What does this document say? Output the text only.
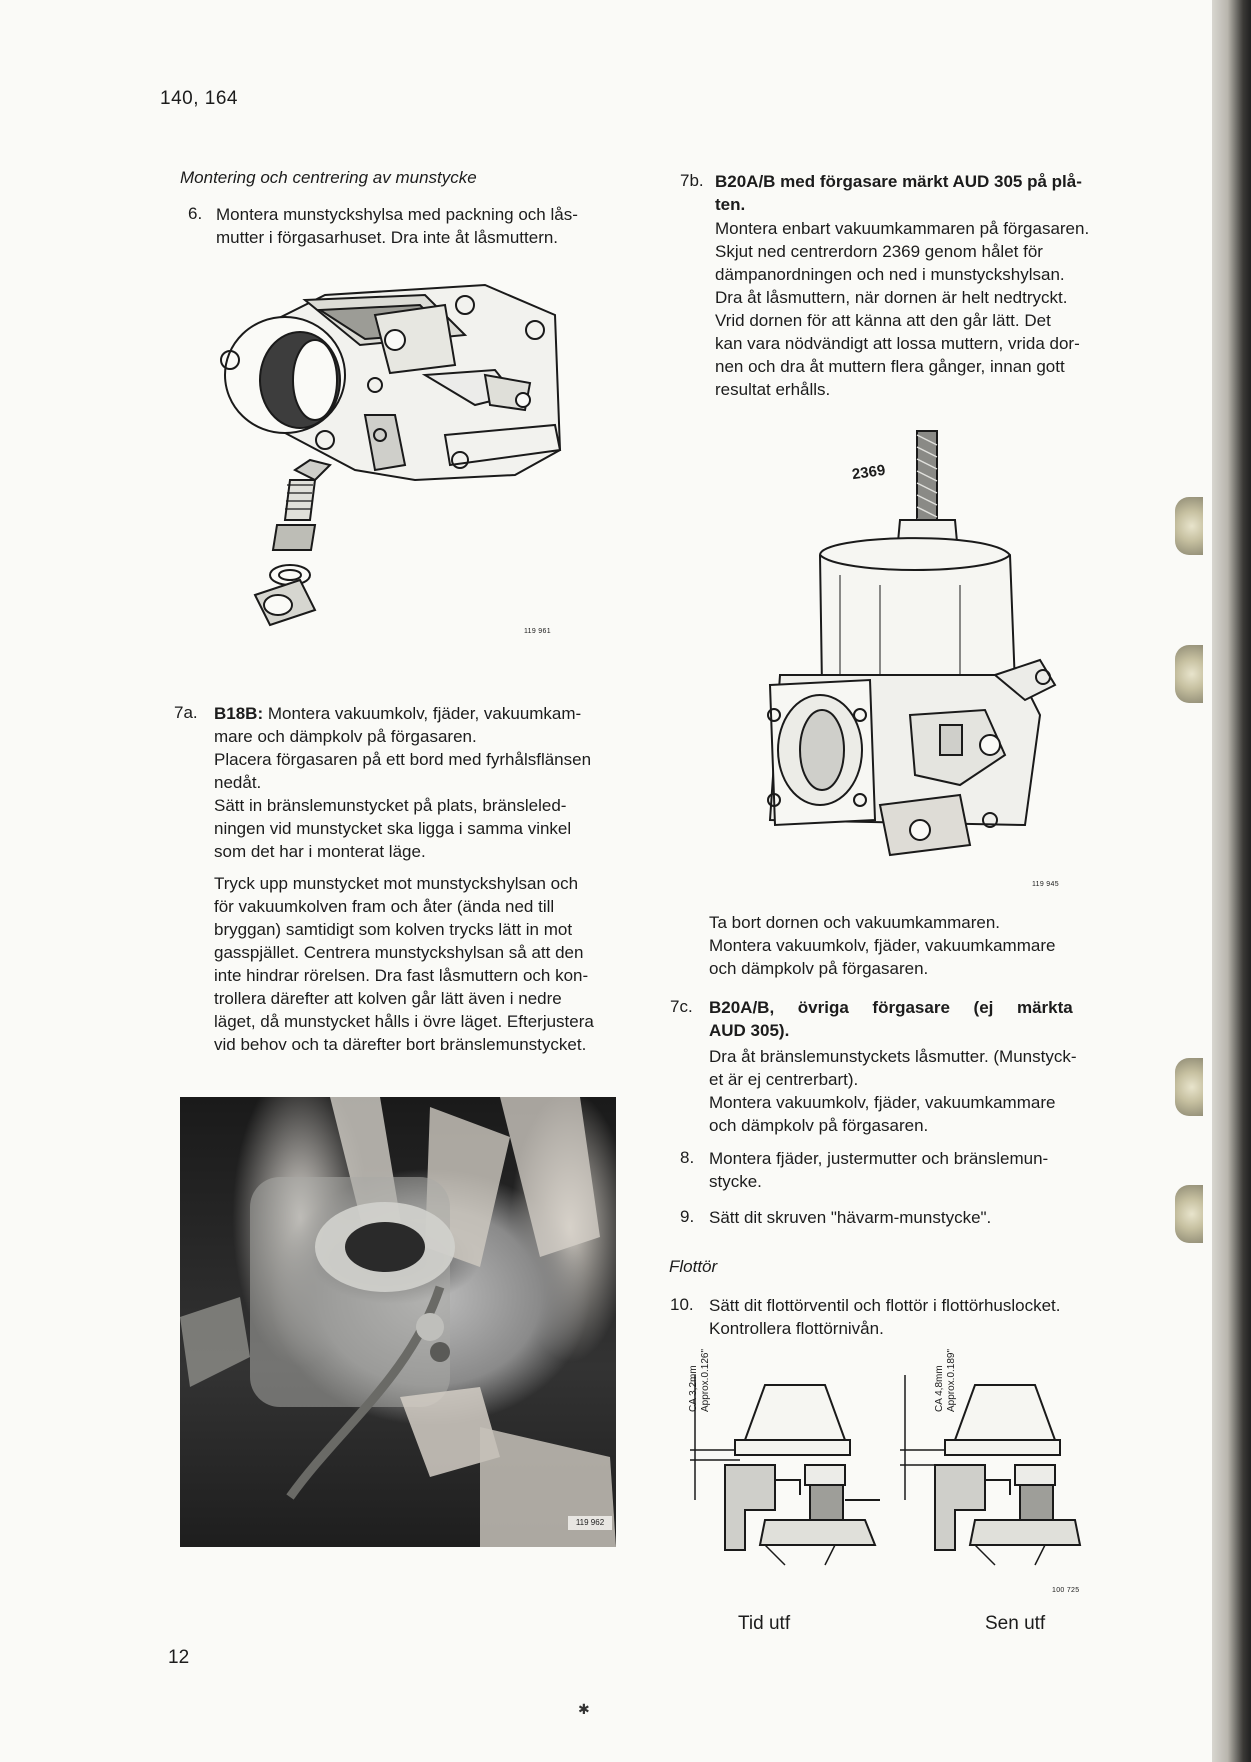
140, 164
Montering och centrering av munstycke
6. Montera munstyckshylsa med packning och lås-
mutter i förgasarhuset. Dra inte åt låsmuttern.
119 961
7a. B18B: Montera vakuumkolv, fjäder, vakuumkam-
mare och dämpkolv på förgasaren.
Placera förgasaren på ett bord med fyrhålsflänsen
nedåt.
Sätt in bränslemunstycket på plats, bränsleled-
ningen vid munstycket ska ligga i samma vinkel
som det har i monterat läge.
Tryck upp munstycket mot munstyckshylsan och
för vakuumkolven fram och åter (ända ned till
bryggan) samtidigt som kolven trycks lätt in mot
gasspjället. Centrera munstyckshylsan så att den
inte hindrar rörelsen. Dra fast låsmuttern och kon-
trollera därefter att kolven går lätt även i nedre
läget, då munstycket hålls i övre läget. Efterjustera
vid behov och ta därefter bort bränslemunstycket.
119 962
12
✱
7b. B20A/B med förgasare märkt AUD 305 på plå-
ten.
Montera enbart vakuumkammaren på förgasaren.
Skjut ned centrerdorn 2369 genom hålet för
dämpanordningen och ned i munstyckshylsan.
Dra åt låsmuttern, när dornen är helt nedtryckt.
Vrid dornen för att känna att den går lätt. Det
kan vara nödvändigt att lossa muttern, vrida dor-
nen och dra åt muttern flera gånger, innan gott
resultat erhålls.
2369
119 945
Ta bort dornen och vakuumkammaren.
Montera vakuumkolv, fjäder, vakuumkammare
och dämpkolv på förgasaren.
7c. B20A/B,     övriga     förgasare     (ej     märkta
AUD 305).
Dra åt bränslemunstyckets låsmutter. (Munstyck-
et är ej centrerbart).
Montera vakuumkolv, fjäder, vakuumkammare
och dämpkolv på förgasaren.
8. Montera fjäder, justermutter och bränslemun-
stycke.
9. Sätt dit skruven "hävarm-munstycke".
Flottör
10. Sätt dit flottörventil och flottör i flottörhuslocket.
Kontrollera flottörnivån.
CA 3,2mm Approx.0.126"	CA 4,8mm Approx.0.189"
100 725
Tid utf	Sen utf
